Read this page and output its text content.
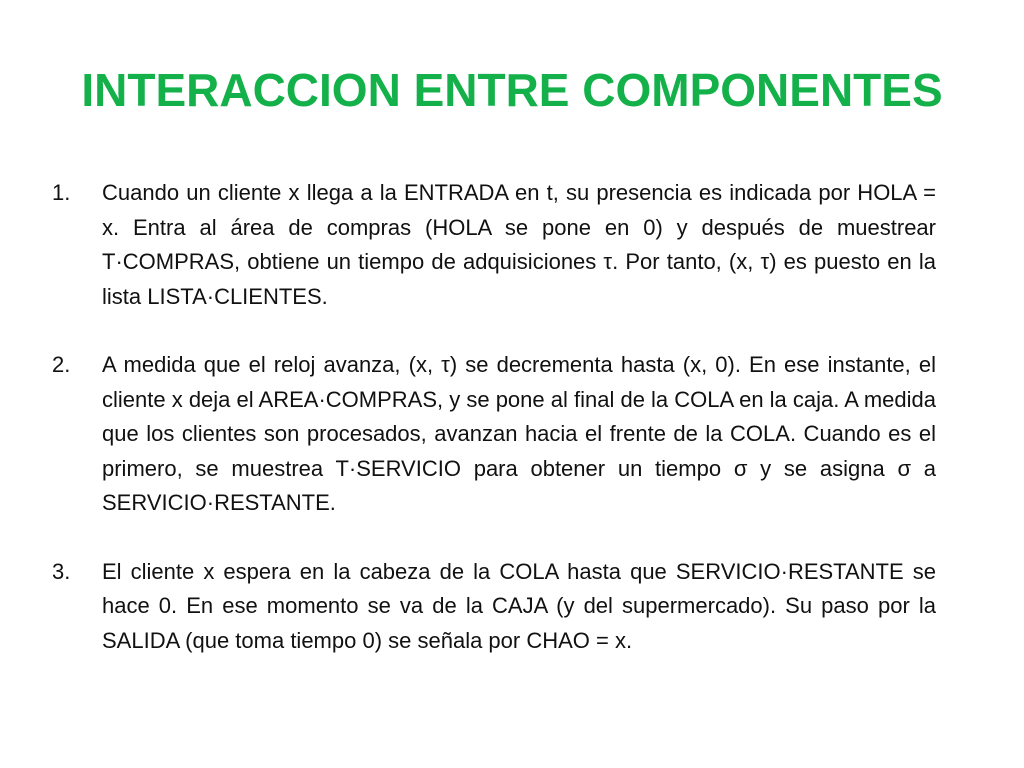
INTERACCION ENTRE COMPONENTES
1. Cuando un cliente x llega a la ENTRADA en t, su presencia es indicada por HOLA = x. Entra al área de compras (HOLA se pone en 0) y después de muestrear T·COMPRAS, obtiene un tiempo de adquisiciones τ. Por tanto, (x, τ) es puesto en la lista LISTA·CLIENTES.
2. A medida que el reloj avanza, (x, τ) se decrementa hasta (x, 0). En ese instante, el cliente x deja el AREA·COMPRAS, y se pone al final de la COLA en la caja. A medida que los clientes son procesados, avanzan hacia el frente de la COLA. Cuando es el primero, se muestrea T·SERVICIO para obtener un tiempo σ y se asigna σ a SERVICIO·RESTANTE.
3. El cliente x espera en la cabeza de la COLA hasta que SERVICIO·RESTANTE se hace 0. En ese momento se va de la CAJA (y del supermercado). Su paso por la SALIDA (que toma tiempo 0) se señala por CHAO = x.
